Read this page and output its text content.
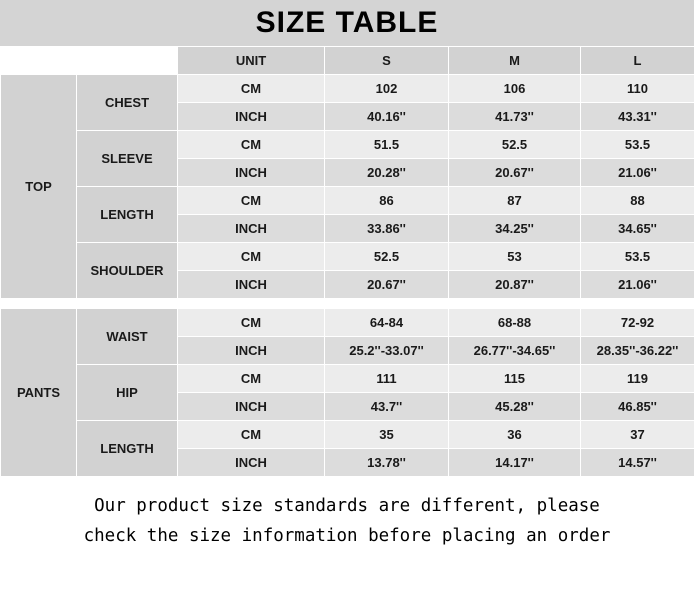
SIZE TABLE
		UNIT	S	M	L
TOP	CHEST	CM	102	106	110
		INCH	40.16''	41.73''	43.31''
	SLEEVE	CM	51.5	52.5	53.5
		INCH	20.28''	20.67''	21.06''
	LENGTH	CM	86	87	88
		INCH	33.86''	34.25''	34.65''
	SHOULDER	CM	52.5	53	53.5
		INCH	20.67''	20.87''	21.06''
PANTS	WAIST	CM	64-84	68-88	72-92
		INCH	25.2''-33.07''	26.77''-34.65''	28.35''-36.22''
	HIP	CM	111	115	119
		INCH	43.7''	45.28''	46.85''
	LENGTH	CM	35	36	37
		INCH	13.78''	14.17''	14.57''
Our product size standards are different, please
check the size information before placing an order
